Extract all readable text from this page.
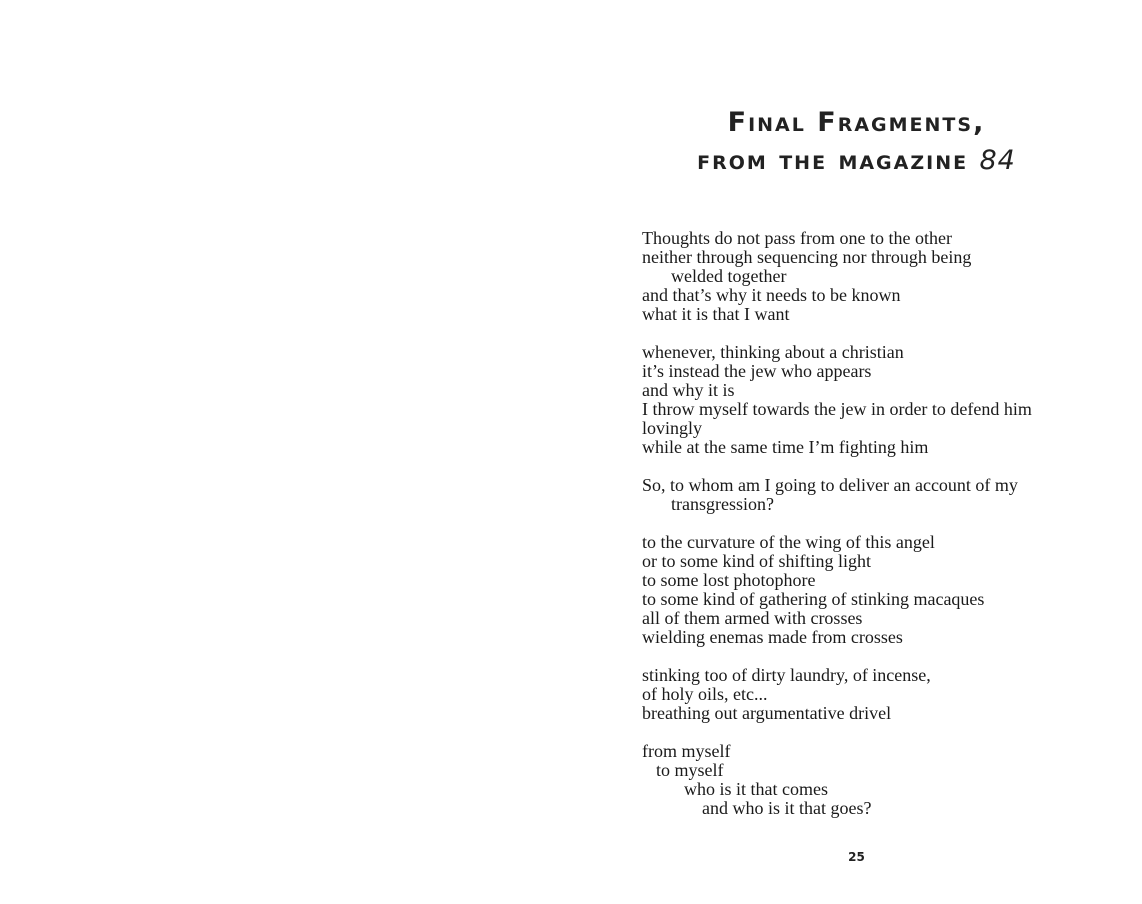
Final Fragments,
from the magazine 84
Thoughts do not pass from one to the other
neither through sequencing nor through being
welded together
and that’s why it needs to be known
what it is that I want
whenever, thinking about a christian
it’s instead the jew who appears
and why it is
I throw myself towards the jew in order to defend him
lovingly
while at the same time I’m fighting him
So, to whom am I going to deliver an account of my
transgression?
to the curvature of the wing of this angel
or to some kind of shifting light
to some lost photophore
to some kind of gathering of stinking macaques
all of them armed with crosses
wielding enemas made from crosses
stinking too of dirty laundry, of incense,
of holy oils, etc...
breathing out argumentative drivel
from myself
to myself
who is it that comes
and who is it that goes?
25
